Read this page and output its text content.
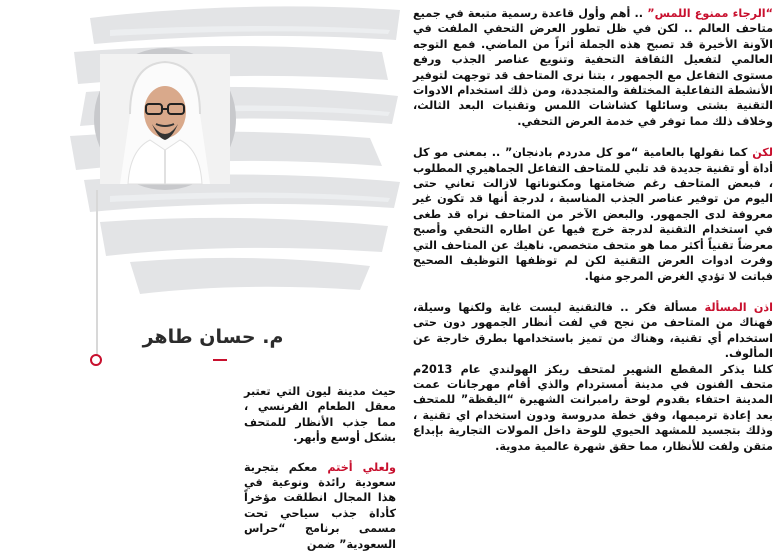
م. حسان طاهر

“الرجاء ممنوع اللمس” .. أهم وأول قاعدة رسمية متبعة في جميع متاحف العالم .. لكن في ظل تطور العرض التحفي الملفت في الآونة الأخيرة قد تصبح هذه الجملة أثراً من الماضي. فمع التوجه العالمي لتفعيل الثقافة التحفية وتنويع عناصر الجذب ورفع مستوى التفاعل مع الجمهور ، بتنا نرى المتاحف قد توجهت لتوفير الأنشطة التفاعلية المختلفة والمتجددة، ومن ذلك استخدام الادوات التقنية بشتى وسائلها كشاشات اللمس وتقنيات البعد الثالث، وخلاف ذلك مما توفر في خدمة العرض التحفي.

لكن كما نقولها بالعامية “مو كل مدردم بادنجان” .. بمعنى مو كل أداة أو تقنية جديدة قد تلبي للمتاحف التفاعل الجماهيري المطلوب ، فبعض المتاحف رغم ضخامتها ومكنوناتها لازالت تعاني حتى اليوم من توفير عناصر الجذب المناسبة ، لدرجة أنها قد تكون غير معروفة لدى الجمهور. والبعض الآخر من المتاحف نراه قد طغى في استخدام التقنية لدرجة خرج فيها عن اطاره التحفي وأصبح معرضاً تقنياً أكثر مما هو متحف متخصص. ناهيك عن المتاحف التي وفرت ادوات العرض التقنية لكن لم توظفها التوظيف الصحيح فباتت لا تؤدي الغرض المرجو منها.

اذن المسألة مسألة فكر .. فالتقنية ليست غاية ولكنها وسيلة، فهناك من المتاحف من نجح في لفت أنظار الجمهور دون حتى استخدام أي تقنية، وهناك من تميز باستخدامها بطرق خارجة عن المألوف.

كلنا يذكر المقطع الشهير لمتحف ريكز الهولندي عام 2013م متحف الفنون في مدينة أمستردام والذي أقام مهرجانات عمت المدينة احتفاء بقدوم لوحة رامبرانت الشهيرة “اليقظة” للمتحف بعد إعادة ترميمها، وفق خطة مدروسة ودون استخدام اي تقنية ، وذلك بتجسيد للمشهد الحيوي للوحة داخل المولات التجارية بإبداع متقن ولفت للأنظار، مما حقق شهرة عالمية مدوية.

حيث مدينة ليون التي تعتبر معقل الطعام الفرنسي ، مما جذب الأنظار للمتحف بشكل أوسع وأبهر.

ولعلي أختم معكم بتجربة سعودية رائدة ونوعية في هذا المجال انطلقت مؤخراً كأداة جذب سياحي تحت مسمى برنامج “حراس السعودية” ضمن
